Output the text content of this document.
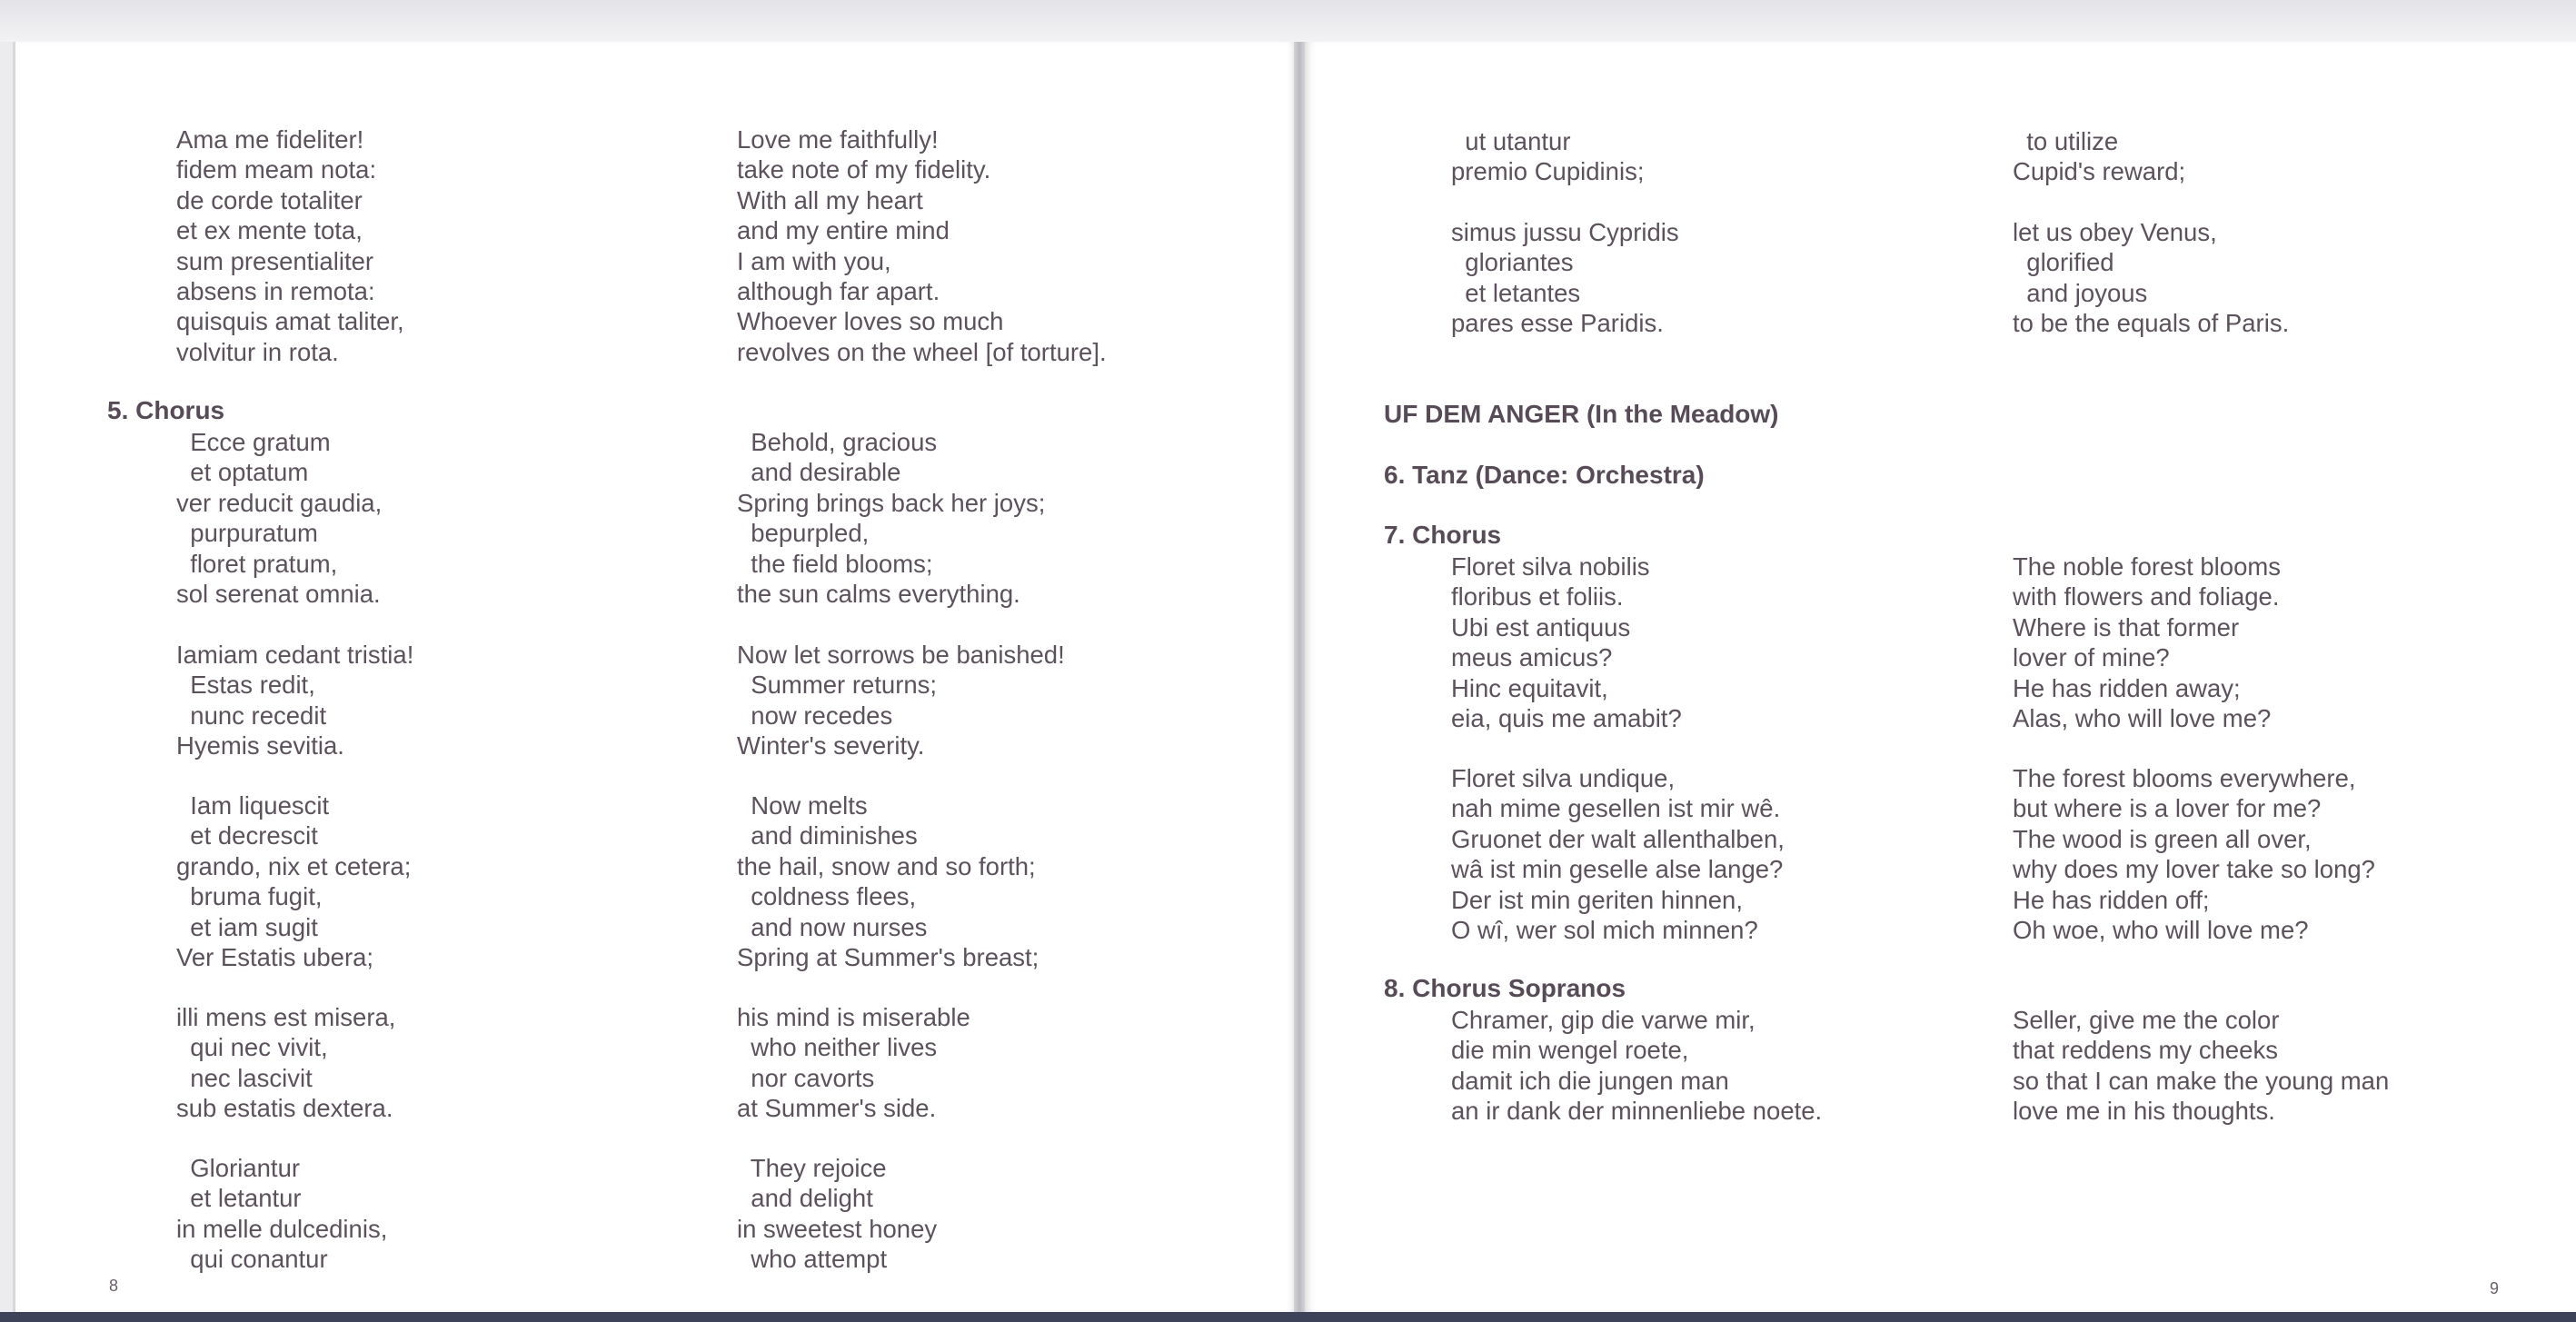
Ama me fideliter!
fidem meam nota:
de corde totaliter
et ex mente tota,
sum presentialiter
absens in remota:
quisquis amat taliter,
volvitur in rota.
Love me faithfully!
take note of my fidelity.
With all my heart
and my entire mind
I am with you,
although far apart.
Whoever loves so much
revolves on the wheel [of torture].
5. Chorus
Ecce gratum
et optatum
ver reducit gaudia,
purpuratum
floret pratum,
sol serenat omnia.
Behold, gracious
and desirable
Spring brings back her joys;
bepurpled,
the field blooms;
the sun calms everything.
Iamiam cedant tristia!
Estas redit,
nunc recedit
Hyemis sevitia.
Now let sorrows be banished!
Summer returns;
now recedes
Winter's severity.
Iam liquescit
et decrescit
grando, nix et cetera;
bruma fugit,
et iam sugit
Ver Estatis ubera;
Now melts
and diminishes
the hail, snow and so forth;
coldness flees,
and now nurses
Spring at Summer's breast;
illi mens est misera,
qui nec vivit,
nec lascivit
sub estatis dextera.
his mind is miserable
who neither lives
nor cavorts
at Summer's side.
Gloriantur
et letantur
in melle dulcedinis,
qui conantur
They rejoice
and delight
in sweetest honey
who attempt
8
ut utantur
premio Cupidinis;
to utilize
Cupid's reward;
simus jussu Cypridis
gloriantes
et letantes
pares esse Paridis.
let us obey Venus,
glorified
and joyous
to be the equals of Paris.
UF DEM ANGER (In the Meadow)
6. Tanz (Dance: Orchestra)
7. Chorus
Floret silva nobilis
floribus et foliis.
Ubi est antiquus
meus amicus?
Hinc equitavit,
eia, quis me amabit?
The noble forest blooms
with flowers and foliage.
Where is that former
lover of mine?
He has ridden away;
Alas, who will love me?
Floret silva undique,
nah mime gesellen ist mir wê.
Gruonet der walt allenthalben,
wâ ist min geselle alse lange?
Der ist min geriten hinnen,
O wî, wer sol mich minnen?
The forest blooms everywhere,
but where is a lover for me?
The wood is green all over,
why does my lover take so long?
He has ridden off;
Oh woe, who will love me?
8. Chorus Sopranos
Chramer, gip die varwe mir,
die min wengel roete,
damit ich die jungen man
an ir dank der minnenliebe noete.
Seller, give me the color
that reddens my cheeks
so that I can make the young man
love me in his thoughts.
9
